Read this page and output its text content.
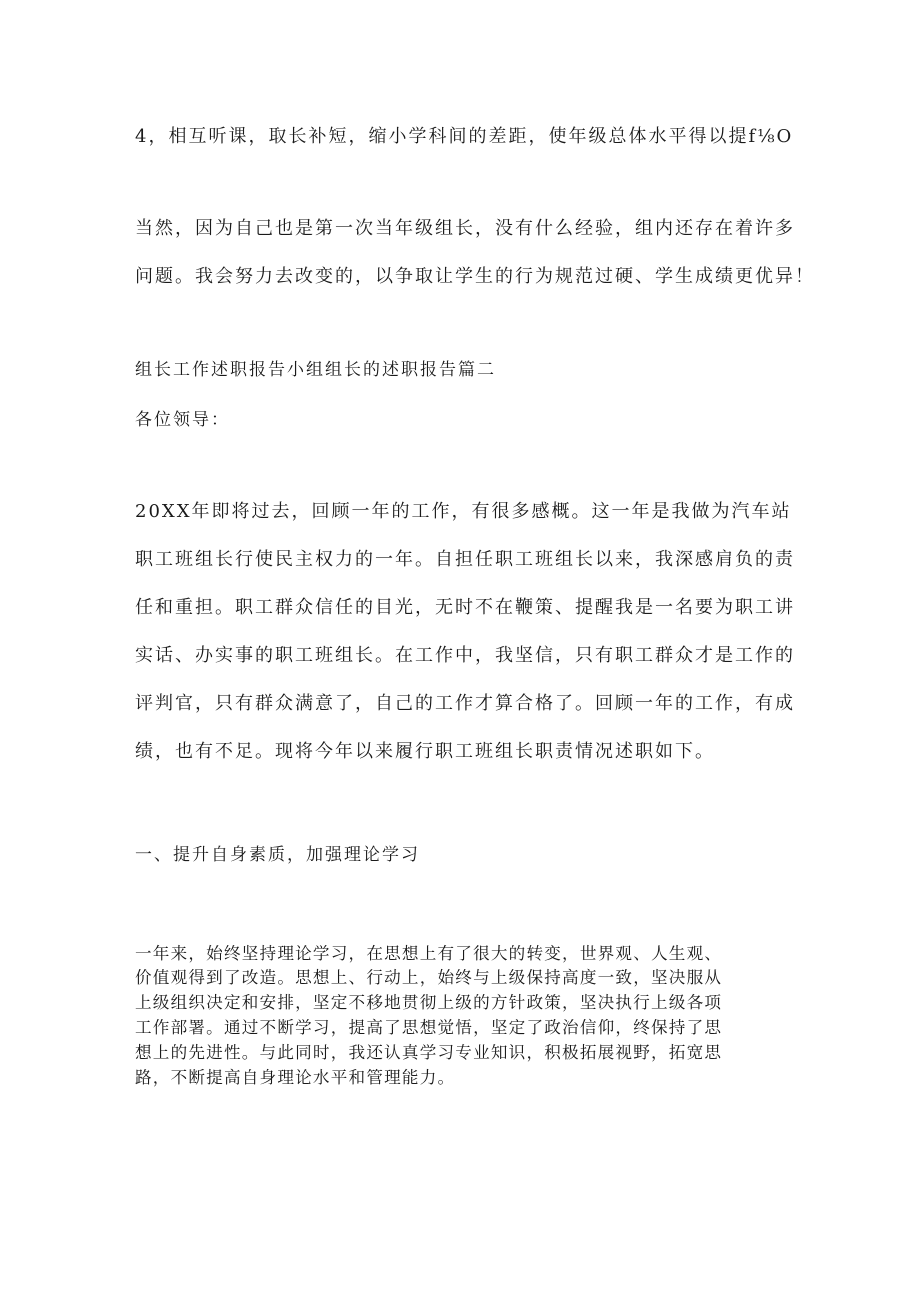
4，相互听课，取长补短，缩小学科间的差距，使年级总体水平得以提f⅛O

当然，因为自己也是第一次当年级组长，没有什么经验，组内还存在着许多

问题。我会努力去改变的，以争取让学生的行为规范过硬、学生成绩更优异！

组长工作述职报告小组组长的述职报告篇二

各位领导：

20XX年即将过去，回顾一年的工作，有很多感概。这一年是我做为汽车站

职工班组长行使民主权力的一年。自担任职工班组长以来，我深感肩负的责

任和重担。职工群众信任的目光，无时不在鞭策、提醒我是一名要为职工讲

实话、办实事的职工班组长。在工作中，我坚信，只有职工群众才是工作的

评判官，只有群众满意了，自己的工作才算合格了。回顾一年的工作，有成

绩，也有不足。现将今年以来履行职工班组长职责情况述职如下。

一、提升自身素质，加强理论学习

一年来，始终坚持理论学习，在思想上有了很大的转变，世界观、人生观、

价值观得到了改造。思想上、行动上，始终与上级保持高度一致，坚决服从

上级组织决定和安排，坚定不移地贯彻上级的方针政策，坚决执行上级各项

工作部署。通过不断学习，提高了思想觉悟，坚定了政治信仰，终保持了思

想上的先进性。与此同时，我还认真学习专业知识，积极拓展视野，拓宽思

路，不断提高自身理论水平和管理能力。
